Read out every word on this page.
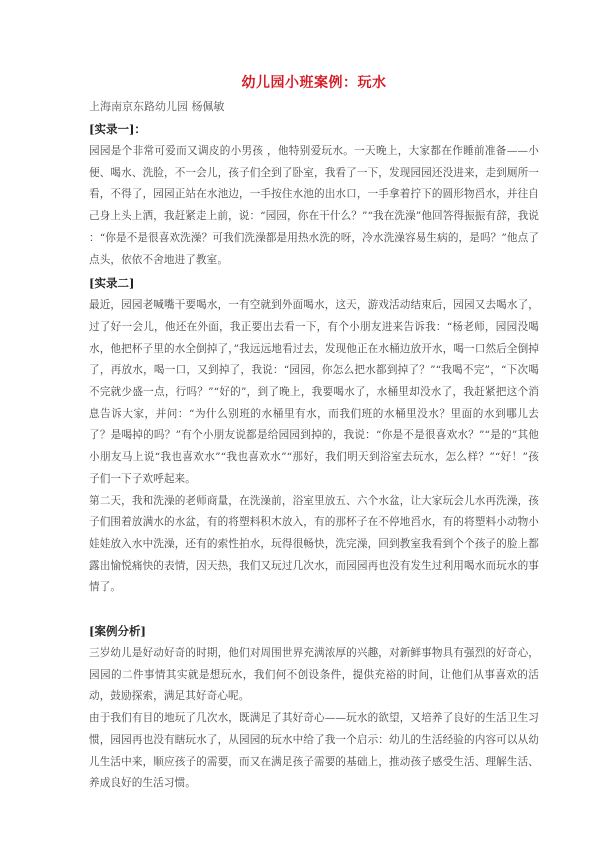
幼儿园小班案例：玩水
上海南京东路幼儿园 杨佩敏
[实录一]：

园园是个非常可爱而又调皮的小男孩 ，他特别爱玩水。一天晚上，大家都在作睡前准备——小便、喝水、洗脸，不一会儿，孩子们全到了卧室，我看了一下，发现园园还没进来，走到厕所一看，不得了，园园正站在水池边，一手按住水池的出水口，一手拿着拧下的圆形物舀水，并往自己身上头上洒，我赶紧走上前，说：“园园，你在干什么？”“我在洗澡”他回答得振振有辞，我说 ：“你是不是很喜欢洗澡？可我们洗澡都是用热水洗的呀，冷水洗澡容易生病的，是吗？”他点了点头，依依不舍地进了教室。

[实录二]

最近，园园老喊嘴干要喝水，一有空就到外面喝水，这天，游戏活动结束后，园园又去喝水了，过了好一会儿，他还在外面，我正要出去看一下，有个小朋友进来告诉我：“杨老师，园园没喝水，他把杯子里的水全倒掉了，”我远远地看过去，发现他正在水桶边放开水，喝一口然后全倒掉了，再放水，喝一口，又到掉了，我说：“园园，你怎么把水都到掉了？”“我喝不完”，“下次喝不完就少盛一点，行吗？”“好的”，到了晚上，我要喝水了，水桶里却没水了，我赶紧把这个消息告诉大家，并问：“为什么别班的水桶里有水，而我们班的水桶里没水？里面的水到哪儿去了？是喝掉的吗？”有个小朋友说都是给园园到掉的，我说：“你是不是很喜欢水？”“是的”其他小朋友马上说“我也喜欢水”“我也喜欢水”“那好，我们明天到浴室去玩水，怎么样？”“好！”孩子们一下子欢呼起来。

第二天，我和洗澡的老师商量，在洗澡前，浴室里放五、六个水盆，让大家玩会儿水再洗澡，孩子们围着放满水的水盆，有的将塑料积木放入，有的那杯子在不停地舀水，有的将塑料小动物小娃娃放入水中洗澡，还有的索性拍水，玩得很畅快，洗完澡，回到教室我看到个个孩子的脸上都露出愉悦痛快的表情，因天热，我们又玩过几次水，而园园再也没有发生过利用喝水而玩水的事情了。

[案例分析]

三岁幼儿是好动好奇的时期，他们对周围世界充满浓厚的兴趣，对新鲜事物具有强烈的好奇心，园园的二件事情其实就是想玩水，我们何不创设条件，提供充裕的时间，让他们从事喜欢的活动，鼓励探索，满足其好奇心呢。

由于我们有目的地玩了几次水，既满足了其好奇心——玩水的欲望，又培养了良好的生活卫生习惯，园园再也没有瞎玩水了，从园园的玩水中给了我一个启示：幼儿的生活经验的内容可以从幼儿生活中来，顺应孩子的需要，而又在满足孩子需要的基础上，推动孩子感受生活、理解生活、养成良好的生活习惯。
